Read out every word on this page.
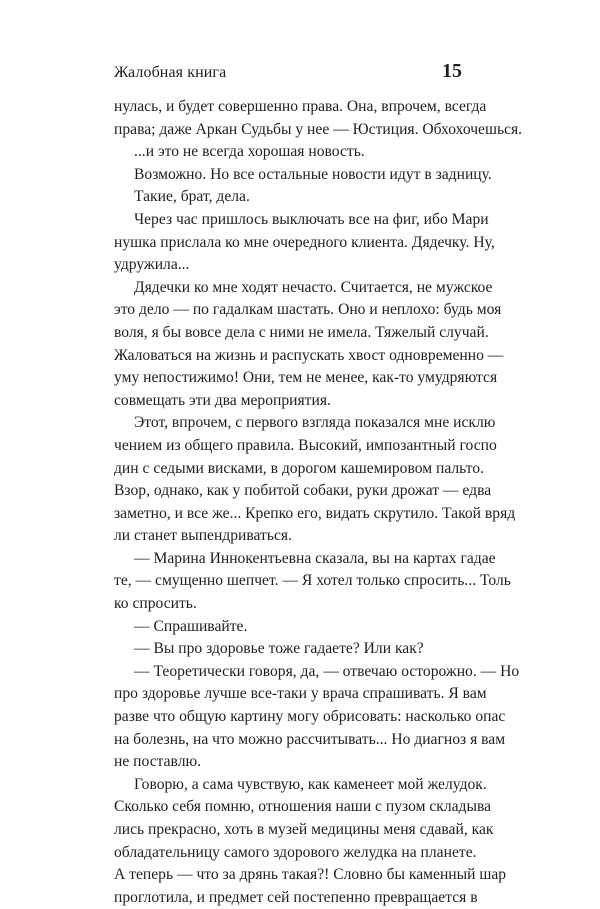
Жалобная книга	15
нулась, и будет совершенно права. Она, впрочем, всегда
права; даже Аркан Судьбы у нее — Юстиция. Обхохочешься.
...и это не всегда хорошая новость.
Возможно. Но все остальные новости идут в задницу.
Такие, брат, дела.
Через час пришлось выключать все на фиг, ибо Мари
нушка прислала ко мне очередного клиента. Дядечку. Ну,
удружила...
Дядечки ко мне ходят нечасто. Считается, не мужское
это дело — по гадалкам шастать. Оно и неплохо: будь моя
воля, я бы вовсе дела с ними не имела. Тяжелый случай.
Жаловаться на жизнь и распускать хвост одновременно —
уму непостижимо! Они, тем не менее, как-то умудряются
совмещать эти два мероприятия.
Этот, впрочем, с первого взгляда показался мне исклю
чением из общего правила. Высокий, импозантный госпо
дин с седыми висками, в дорогом кашемировом пальто.
Взор, однако, как у побитой собаки, руки дрожат — едва
заметно, и все же... Крепко его, видать скрутило. Такой вряд
ли станет выпендриваться.
— Марина Иннокентьевна сказала, вы на картах гадае
те, — смущенно шепчет. — Я хотел только спросить... Толь
ко спросить.
— Спрашивайте.
— Вы про здоровье тоже гадаете? Или как?
— Теоретически говоря, да, — отвечаю осторожно. — Но
про здоровье лучше все-таки у врача спрашивать. Я вам
разве что общую картину могу обрисовать: насколько опас
на болезнь, на что можно рассчитывать... Но диагноз я вам
не поставлю.
Говорю, а сама чувствую, как каменеет мой желудок.
Сколько себя помню, отношения наши с пузом складыва
лись прекрасно, хоть в музей медицины меня сдавай, как
обладательницу самого здорового желудка на планете.
А теперь — что за дрянь такая?! Словно бы каменный шар
проглотила, и предмет сей постепенно превращается в
